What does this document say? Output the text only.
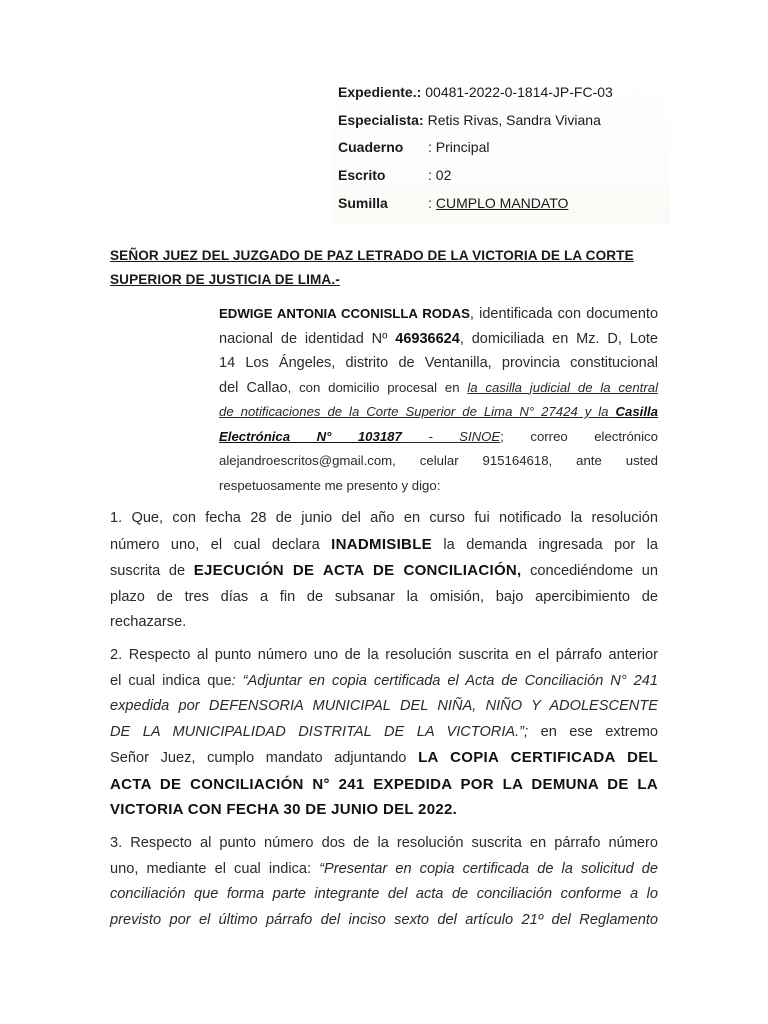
Expediente.: 00481-2022-0-1814-JP-FC-03
Especialista: Retis Rivas, Sandra Viviana
Cuaderno	: Principal
Escrito	: 02
Sumilla	: CUMPLO MANDATO
SEÑOR JUEZ DEL JUZGADO DE PAZ LETRADO DE LA VICTORIA DE LA CORTE
SUPERIOR DE JUSTICIA DE LIMA.-
EDWIGE ANTONIA CCONISLLA RODAS, identificada con documento
nacional de identidad Nº 46936624, domiciliada en Mz. D, Lote
14 Los Ángeles, distrito de Ventanilla, provincia constitucional
del Callao, con domicilio procesal en la casilla judicial de la central
de notificaciones de la Corte Superior de Lima N° 27424 y la Casilla
Electrónica N° 103187 - SINOE; correo electrónico
alejandroescritos@gmail.com, celular 915164618, ante usted
respetuosamente me presento y digo:
1. Que, con fecha 28 de junio del año en curso fui notificado la resolución
número uno, el cual declara INADMISIBLE la demanda ingresada por la
suscrita de EJECUCIÓN DE ACTA DE CONCILIACIÓN, concediéndome un
plazo de tres días a fin de subsanar la omisión, bajo apercibimiento de
rechazarse.
2. Respecto al punto número uno de la resolución suscrita en el párrafo anterior
el cual indica que: “Adjuntar en copia certificada el Acta de Conciliación N° 241
expedida por DEFENSORIA MUNICIPAL DEL NIÑA, NIÑO Y ADOLESCENTE
DE LA MUNICIPALIDAD DISTRITAL DE LA VICTORIA.”; en ese extremo
Señor Juez, cumplo mandato adjuntando LA COPIA CERTIFICADA DEL
ACTA DE CONCILIACIÓN N° 241 EXPEDIDA POR LA DEMUNA DE LA
VICTORIA CON FECHA 30 DE JUNIO DEL 2022.
3. Respecto al punto número dos de la resolución suscrita en párrafo número
uno, mediante el cual indica: “Presentar en copia certificada de la solicitud de
conciliación que forma parte integrante del acta de conciliación conforme a lo
previsto por el último párrafo del inciso sexto del artículo 21º del Reglamento
